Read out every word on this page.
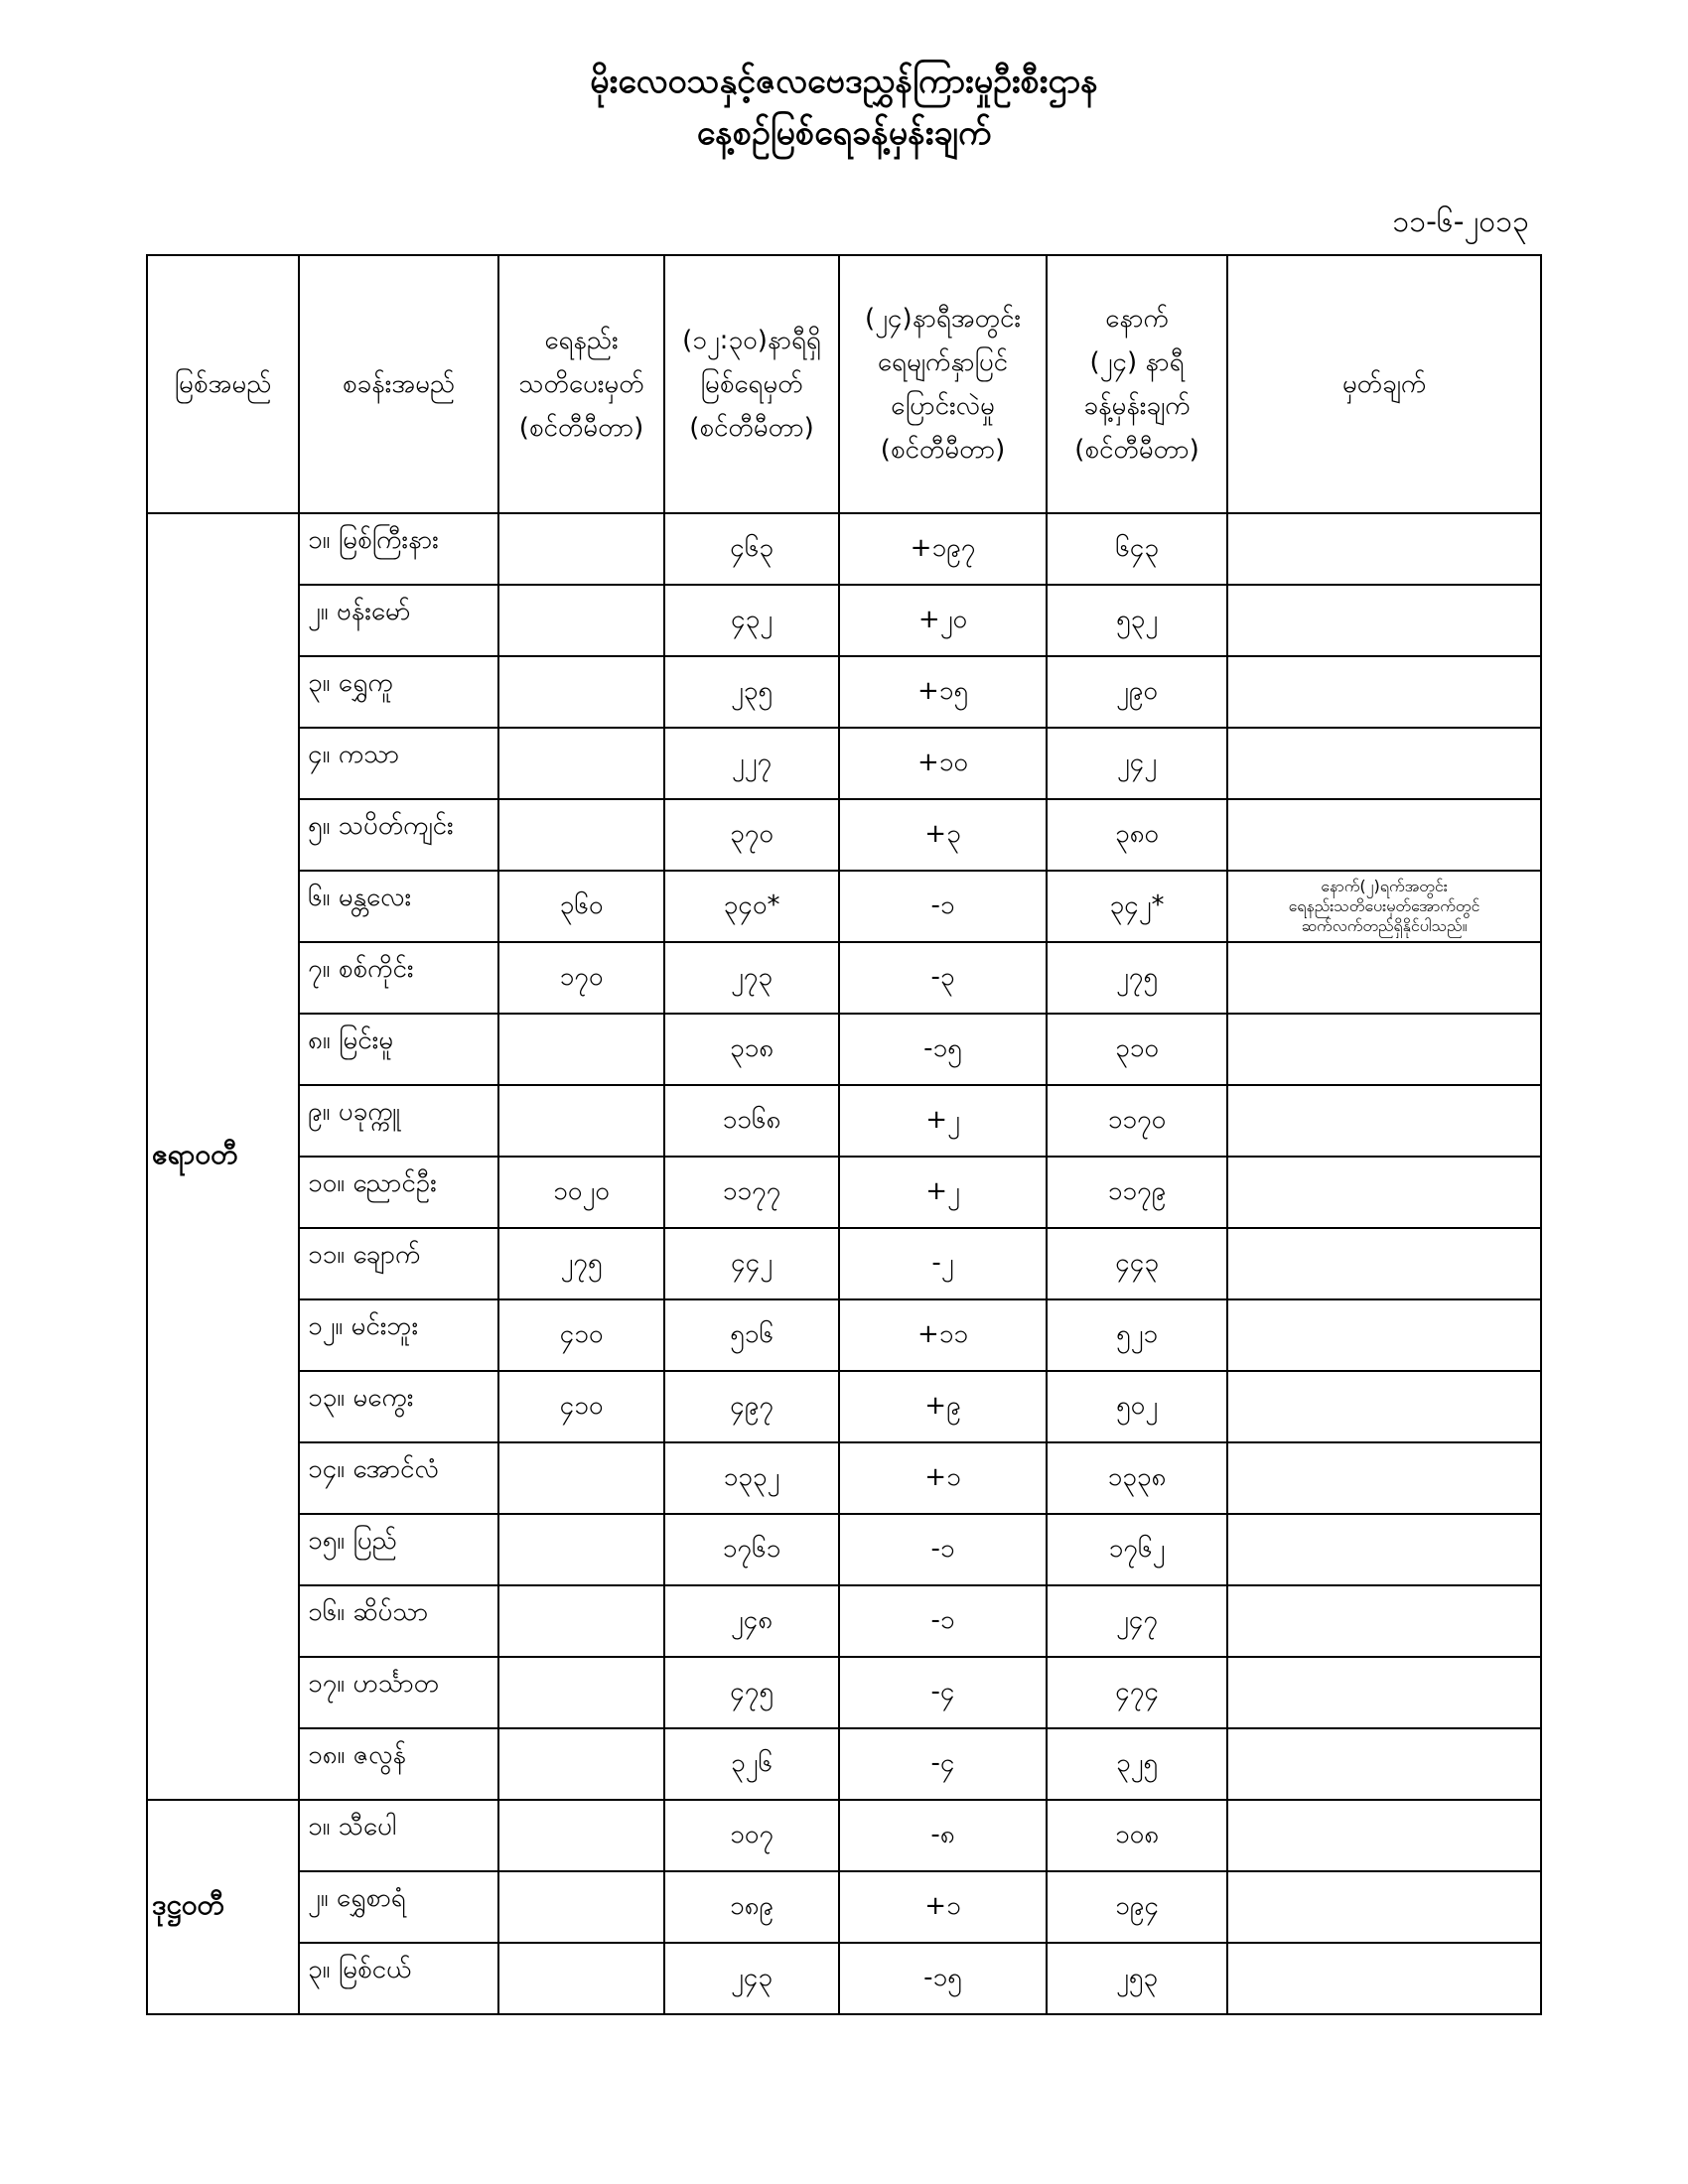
မိုးလေဝသနှင့်ဇလဗေဒညွှန်ကြားမှုဦးစီးဌာန
နေ့စဉ်မြစ်ရေခန့်မှန်းချက်
၁၁-၆-၂၀၁၃
မြစ်အမည်	စခန်းအမည်	ရေနည်း
သတိပေးမှတ်
(စင်တီမီတာ)	(၁၂:၃၀)နာရီရှိ
မြစ်ရေမှတ်
(စင်တီမီတာ)	(၂၄)နာရီအတွင်း
ရေမျက်နှာပြင်
ပြောင်းလဲမှု
(စင်တီမီတာ)	နောက်
(၂၄) နာရီ
ခန့်မှန်းချက်
(စင်တီမီတာ)	မှတ်ချက်
ဧရာဝတီ	၁။ မြစ်ကြီးနား		၄၆၃	+၁၉၇	၆၄၃	
	၂။ ဗန်းမော်		၄၃၂	+၂၀	၅၃၂	
	၃။ ရွှေကူ		၂၃၅	+၁၅	၂၉၀	
	၄။ ကသာ		၂၂၇	+၁၀	၂၄၂	
	၅။ သပိတ်ကျင်း		၃၇၀	+၃	၃၈၀	
	၆။ မန္တလေး	၃၆၀	၃၄၀*	-၁	၃၄၂*	နောက်(၂)ရက်အတွင်း
ရေနည်းသတိပေးမှတ်အောက်တွင်
ဆက်လက်တည်ရှိနိုင်ပါသည်။

	၇။ စစ်ကိုင်း	၁၇၀	၂၇၃	-၃	၂၇၅	
	၈။ မြင်းမူ		၃၁၈	-၁၅	၃၁၀	
	၉။ ပခုက္ကူ		၁၁၆၈	+၂	၁၁၇၀	
	၁၀။ ညောင်ဦး	၁၀၂၀	၁၁၇၇	+၂	၁၁၇၉	
	၁၁။ ချောက်	၂၇၅	၄၄၂	-၂	၄၄၃	
	၁၂။ မင်းဘူး	၄၁၀	၅၁၆	+၁၁	၅၂၁	
	၁၃။ မကွေး	၄၁၀	၄၉၇	+၉	၅၀၂	
	၁၄။ အောင်လံ		၁၃၃၂	+၁	၁၃၃၈	
	၁၅။ ပြည်		၁၇၆၁	-၁	၁၇၆၂	
	၁၆။ ဆိပ်သာ		၂၄၈	-၁	၂၄၇	
	၁၇။ ဟင်္သာတ		၄၇၅	-၄	၄၇၄	
	၁၈။ ဇလွန်		၃၂၆	-၄	၃၂၅	
ဒုဋ္ဌဝတီ	၁။ သီပေါ		၁၀၇	-၈	၁၀၈	
	၂။ ရွှေစာရံ		၁၈၉	+၁	၁၉၄	
	၃။ မြစ်ငယ်		၂၄၃	-၁၅	၂၅၃	
